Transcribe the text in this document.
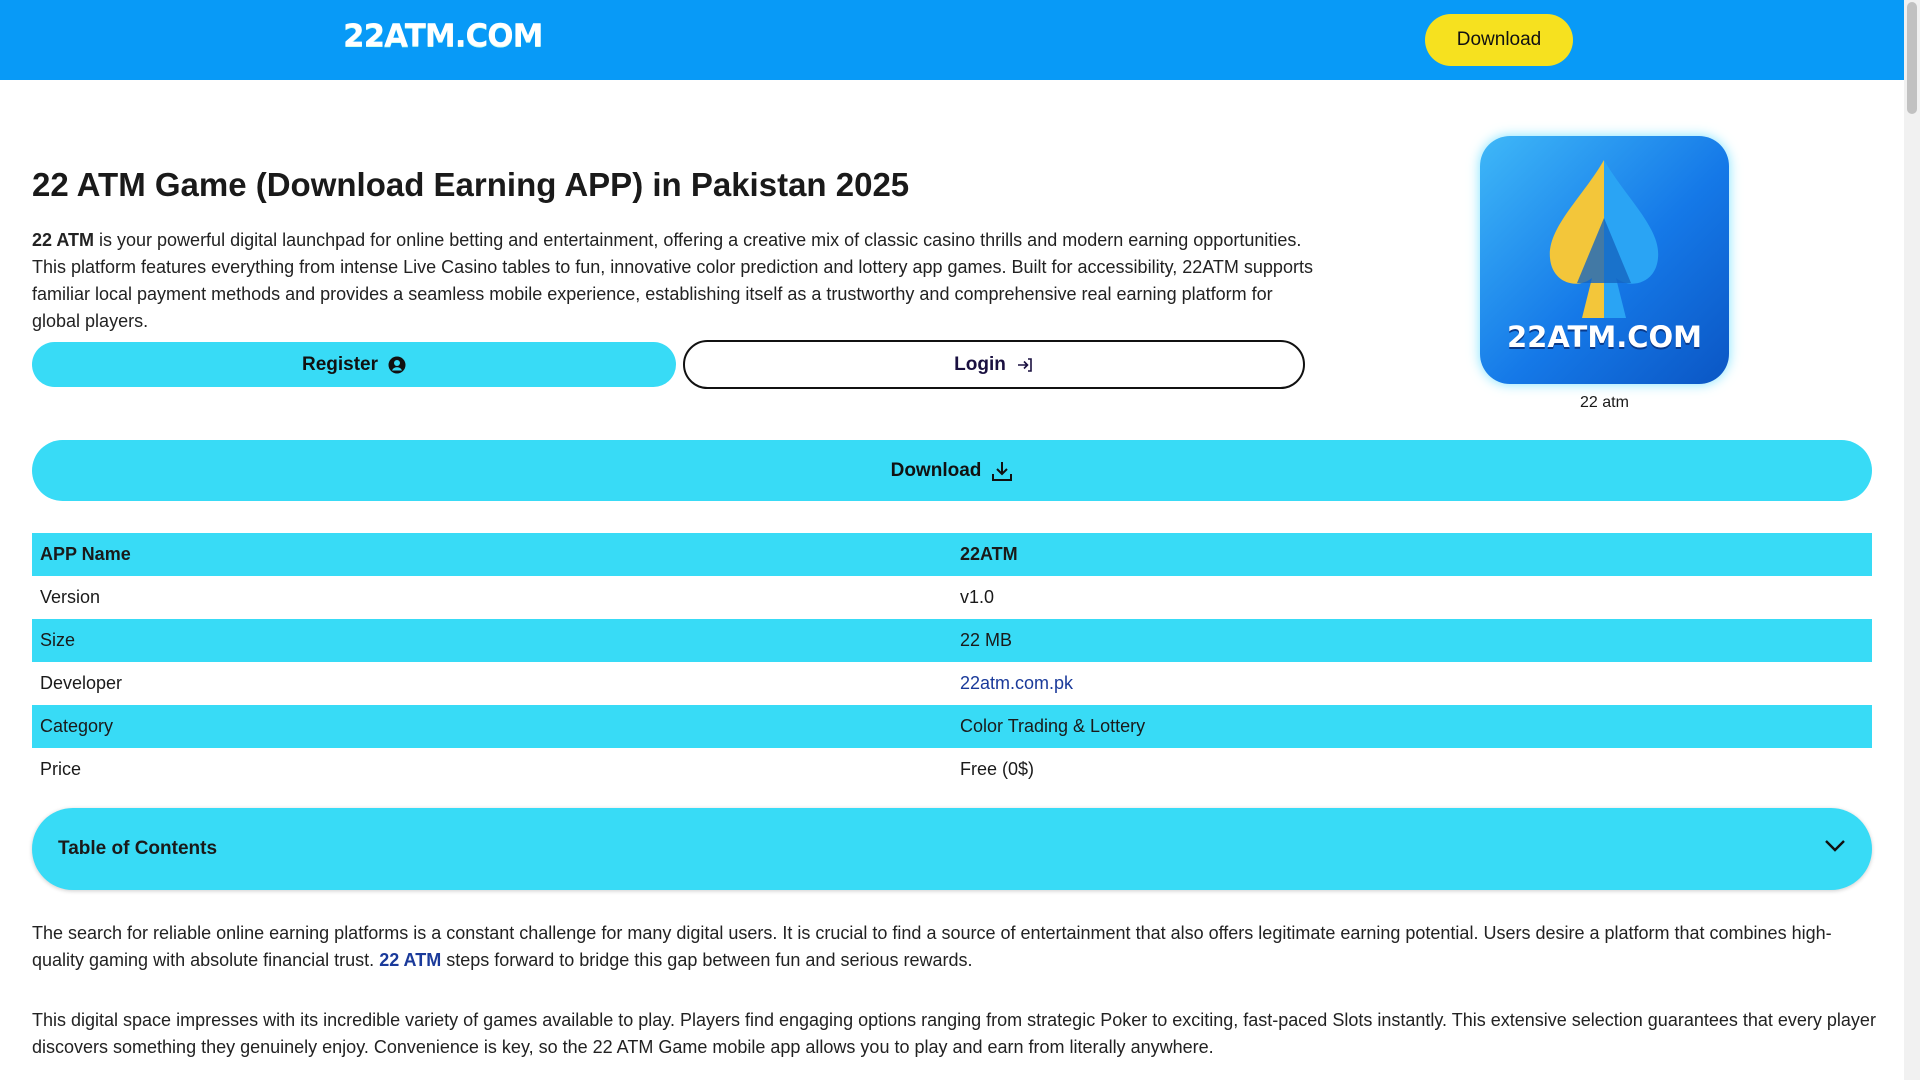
22ATM.COM	Download
22 ATM Game (Download Earning APP) in Pakistan 2025

22 ATM is your powerful digital launchpad for online betting and entertainment, offering a creative mix of classic casino thrills and modern earning opportunities. This platform features everything from intense Live Casino tables to fun, innovative color prediction and lottery app games. Built for accessibility, 22ATM supports familiar local payment methods and provides a seamless mobile experience, establishing itself as a trustworthy and comprehensive real earning platform for global players.

Register	Login
Download
22ATM.COM
22 atm
APP Name	22ATM
Version	v1.0
Size	22 MB
Developer	22atm.com.pk
Category	Color Trading & Lottery
Price	Free (0$)
Table of Contents

The search for reliable online earning platforms is a constant challenge for many digital users. It is crucial to find a source of entertainment that also offers legitimate earning potential. Users desire a platform that combines high-quality gaming with absolute financial trust. 22 ATM steps forward to bridge this gap between fun and serious rewards.

This digital space impresses with its incredible variety of games available to play. Players find engaging options ranging from strategic Poker to exciting, fast-paced Slots instantly. This extensive selection guarantees that every player discovers something they genuinely enjoy. Convenience is key, so the 22 ATM Game mobile app allows you to play and earn from literally anywhere.
